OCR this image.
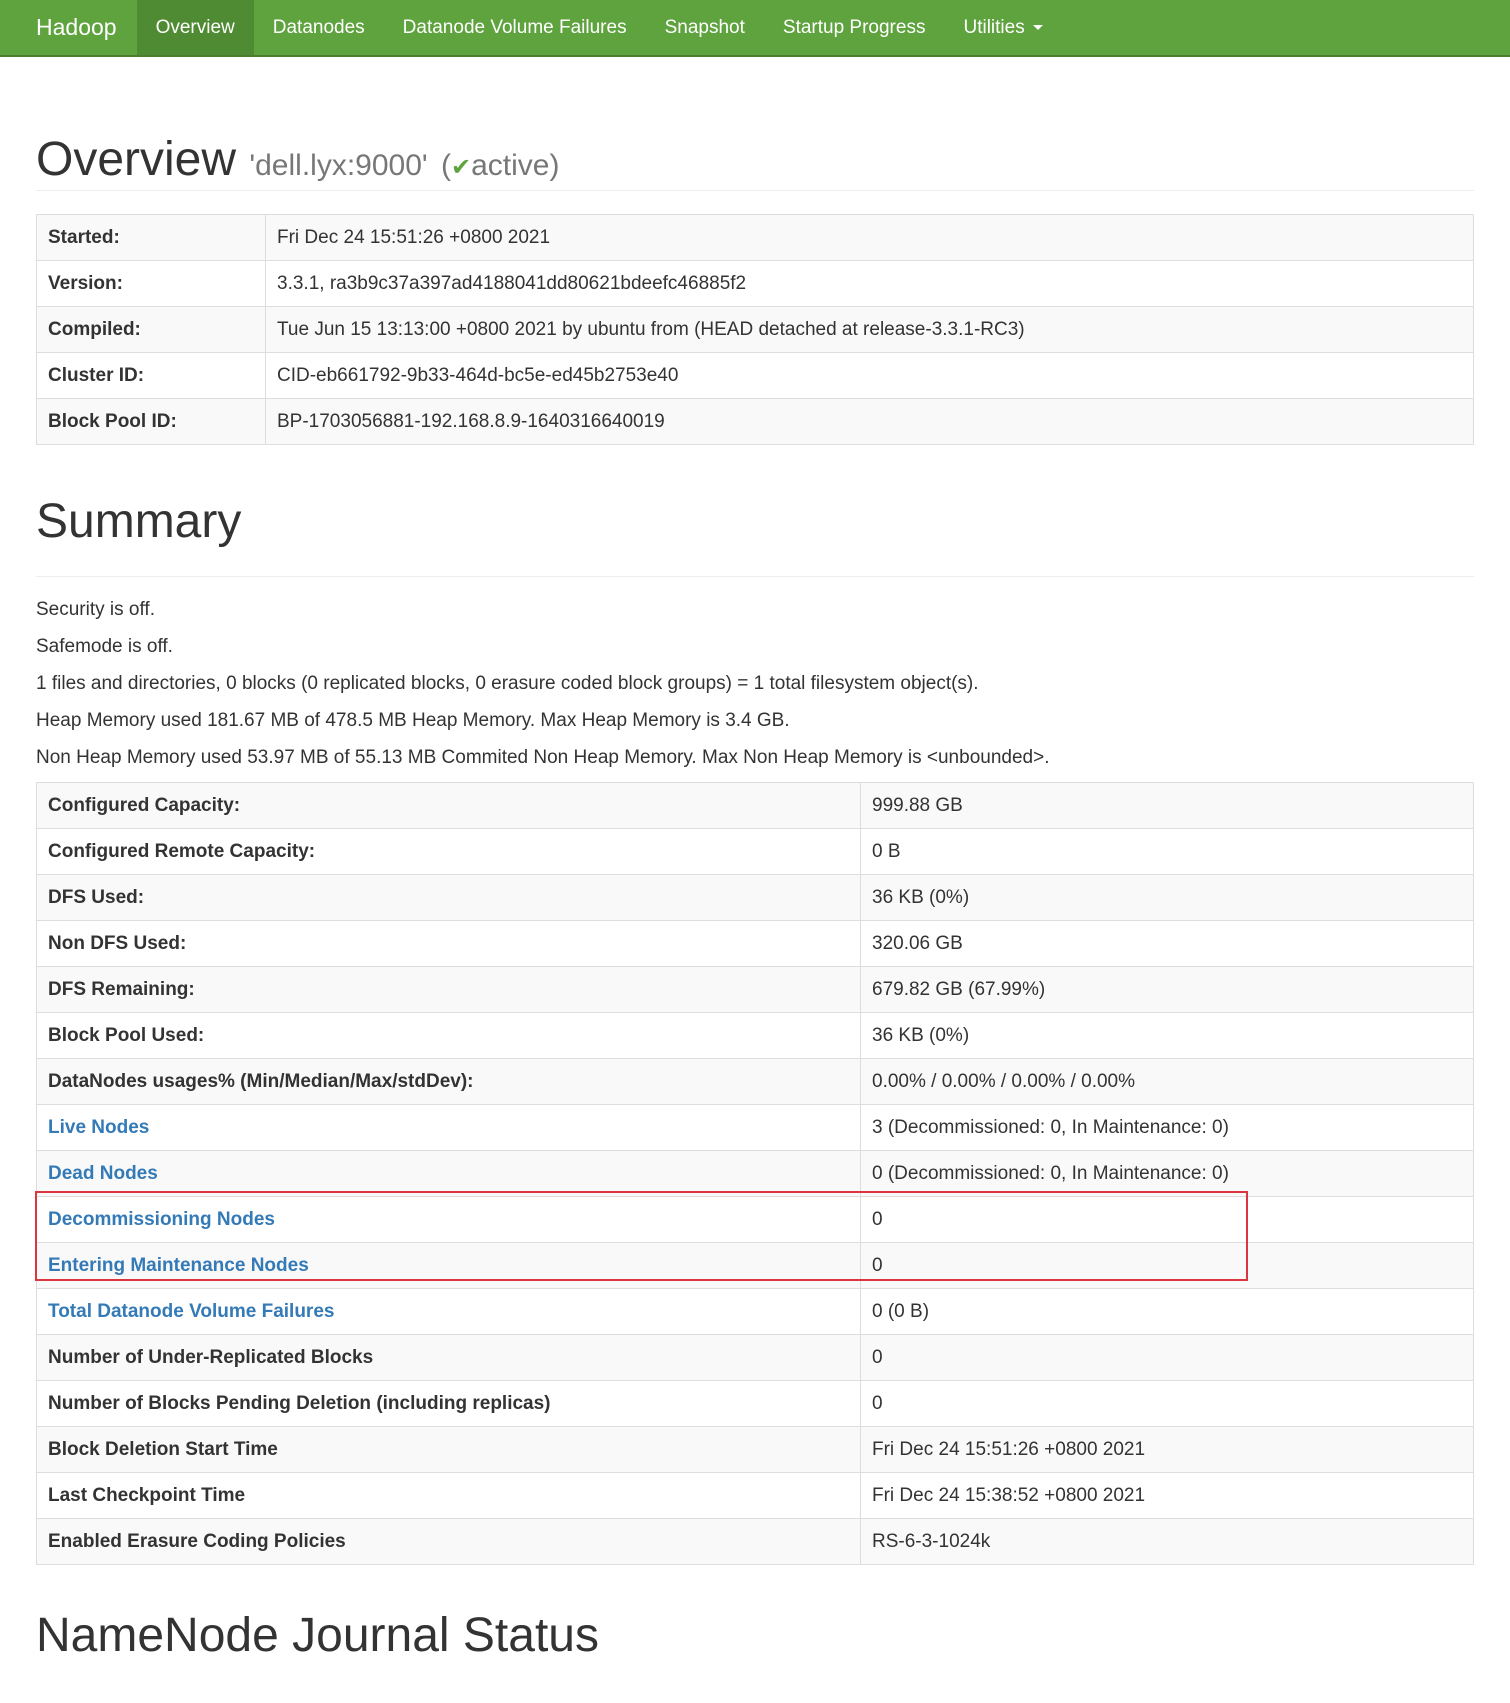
Hadoop	Overview	Datanodes	Datanode Volume Failures	Snapshot	Startup Progress	Utilities
Overview 'dell.lyx:9000' (✔active)
Started:	Fri Dec 24 15:51:26 +0800 2021
Version:	3.3.1, ra3b9c37a397ad4188041dd80621bdeefc46885f2
Compiled:	Tue Jun 15 13:13:00 +0800 2021 by ubuntu from (HEAD detached at release-3.3.1-RC3)
Cluster ID:	CID-eb661792-9b33-464d-bc5e-ed45b2753e40
Block Pool ID:	BP-1703056881-192.168.8.9-1640316640019
Summary
Security is off.
Safemode is off.
1 files and directories, 0 blocks (0 replicated blocks, 0 erasure coded block groups) = 1 total filesystem object(s).
Heap Memory used 181.67 MB of 478.5 MB Heap Memory. Max Heap Memory is 3.4 GB.
Non Heap Memory used 53.97 MB of 55.13 MB Commited Non Heap Memory. Max Non Heap Memory is <unbounded>.
Configured Capacity:	999.88 GB
Configured Remote Capacity:	0 B
DFS Used:	36 KB (0%)
Non DFS Used:	320.06 GB
DFS Remaining:	679.82 GB (67.99%)
Block Pool Used:	36 KB (0%)
DataNodes usages% (Min/Median/Max/stdDev):	0.00% / 0.00% / 0.00% / 0.00%
Live Nodes	3 (Decommissioned: 0, In Maintenance: 0)
Dead Nodes	0 (Decommissioned: 0, In Maintenance: 0)
Decommissioning Nodes	0
Entering Maintenance Nodes	0
Total Datanode Volume Failures	0 (0 B)
Number of Under-Replicated Blocks	0
Number of Blocks Pending Deletion (including replicas)	0
Block Deletion Start Time	Fri Dec 24 15:51:26 +0800 2021
Last Checkpoint Time	Fri Dec 24 15:38:52 +0800 2021
Enabled Erasure Coding Policies	RS-6-3-1024k
NameNode Journal Status
